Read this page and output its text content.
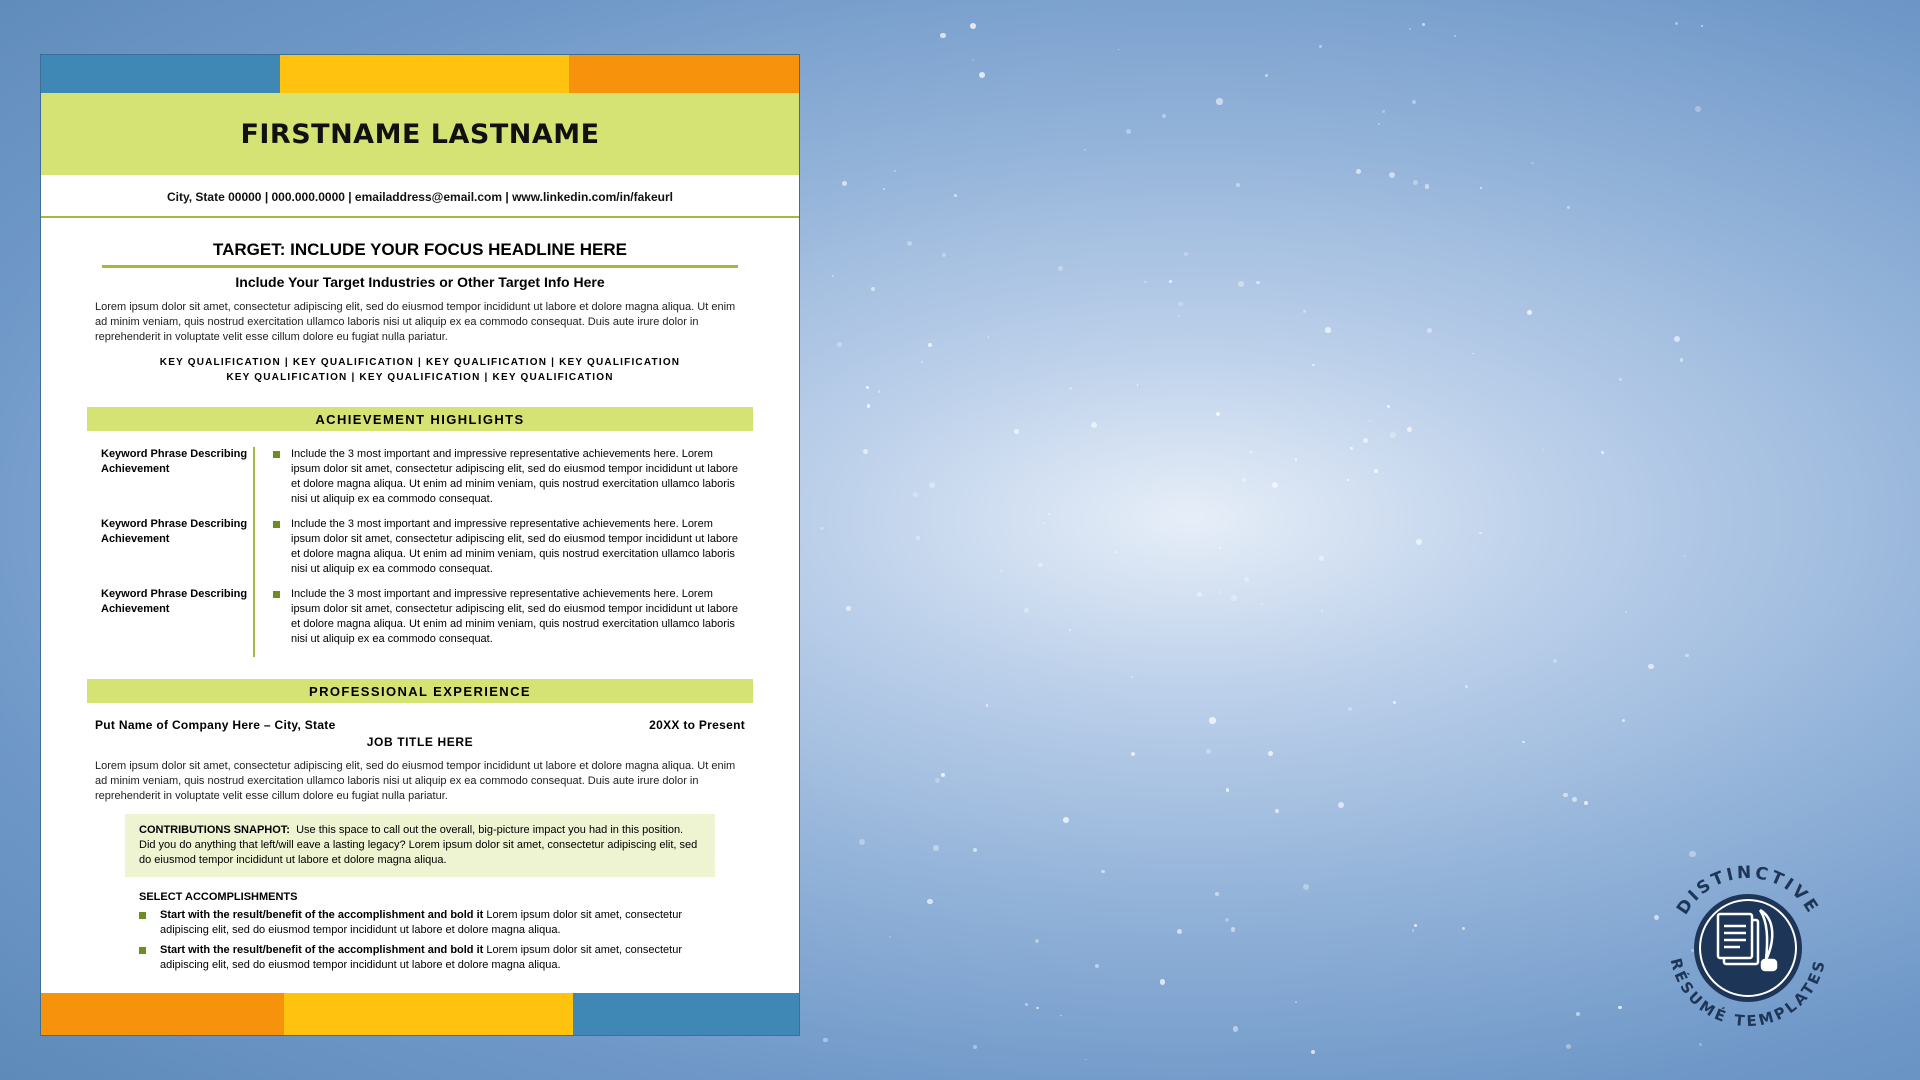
FIRSTNAME LASTNAME
City, State 00000 | 000.000.0000 | emailaddress@email.com | www.linkedin.com/in/fakeurl
TARGET: INCLUDE YOUR FOCUS HEADLINE HERE
Include Your Target Industries or Other Target Info Here
Lorem ipsum dolor sit amet, consectetur adipiscing elit, sed do eiusmod tempor incididunt ut labore et dolore magna aliqua. Ut enim ad minim veniam, quis nostrud exercitation ullamco laboris nisi ut aliquip ex ea commodo consequat. Duis aute irure dolor in reprehenderit in voluptate velit esse cillum dolore eu fugiat nulla pariatur.
KEY QUALIFICATION | KEY QUALIFICATION | KEY QUALIFICATION | KEY QUALIFICATION
KEY QUALIFICATION | KEY QUALIFICATION | KEY QUALIFICATION
ACHIEVEMENT HIGHLIGHTS
Keyword Phrase Describing Achievement
Keyword Phrase Describing Achievement
Keyword Phrase Describing Achievement
Include the 3 most important and impressive representative achievements here. Lorem ipsum dolor sit amet, consectetur adipiscing elit, sed do eiusmod tempor incididunt ut labore et dolore magna aliqua. Ut enim ad minim veniam, quis nostrud exercitation ullamco laboris nisi ut aliquip ex ea commodo consequat.
Include the 3 most important and impressive representative achievements here. Lorem ipsum dolor sit amet, consectetur adipiscing elit, sed do eiusmod tempor incididunt ut labore et dolore magna aliqua. Ut enim ad minim veniam, quis nostrud exercitation ullamco laboris nisi ut aliquip ex ea commodo consequat.
Include the 3 most important and impressive representative achievements here. Lorem ipsum dolor sit amet, consectetur adipiscing elit, sed do eiusmod tempor incididunt ut labore et dolore magna aliqua. Ut enim ad minim veniam, quis nostrud exercitation ullamco laboris nisi ut aliquip ex ea commodo consequat.
PROFESSIONAL EXPERIENCE
Put Name of Company Here – City, State	20XX to Present
JOB TITLE HERE
Lorem ipsum dolor sit amet, consectetur adipiscing elit, sed do eiusmod tempor incididunt ut labore et dolore magna aliqua. Ut enim ad minim veniam, quis nostrud exercitation ullamco laboris nisi ut aliquip ex ea commodo consequat. Duis aute irure dolor in reprehenderit in voluptate velit esse cillum dolore eu fugiat nulla pariatur.
CONTRIBUTIONS SNAPHOT: Use this space to call out the overall, big-picture impact you had in this position. Did you do anything that left/will eave a lasting legacy? Lorem ipsum dolor sit amet, consectetur adipiscing elit, sed do eiusmod tempor incididunt ut labore et dolore magna aliqua.
SELECT ACCOMPLISHMENTS
Start with the result/benefit of the accomplishment and bold it Lorem ipsum dolor sit amet, consectetur adipiscing elit, sed do eiusmod tempor incididunt ut labore et dolore magna aliqua.
Start with the result/benefit of the accomplishment and bold it Lorem ipsum dolor sit amet, consectetur adipiscing elit, sed do eiusmod tempor incididunt ut labore et dolore magna aliqua.
DISTINCTIVE
RÉSUMÉ TEMPLATES
